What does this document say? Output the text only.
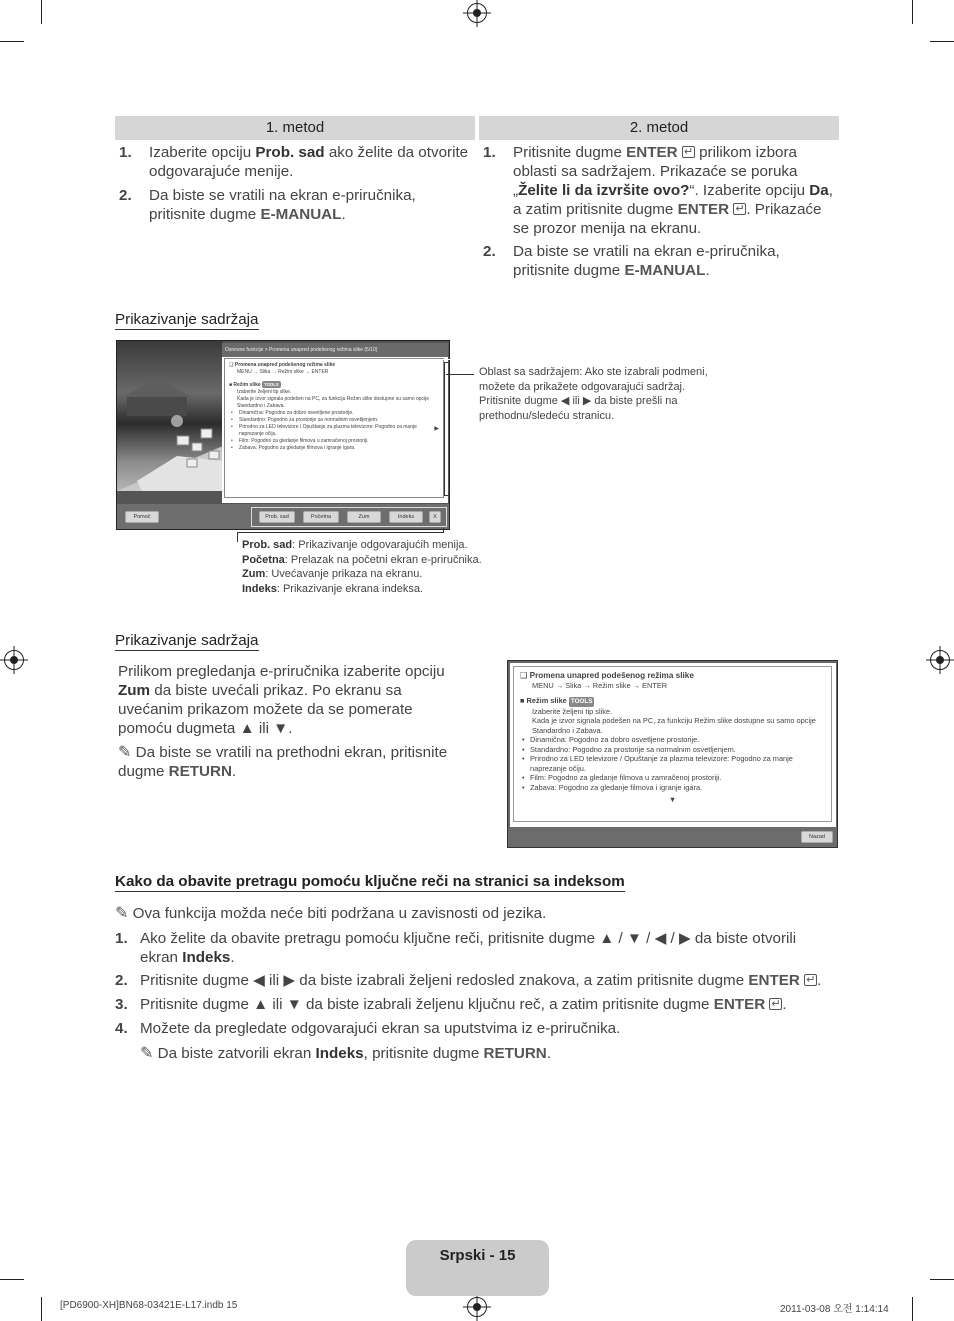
1. metod	2. metod
1. Izaberite opciju Prob. sad ako želite da otvorite odgovarajuće menije.
2. Da biste se vratili na ekran e-priručnika, pritisnite dugme E-MANUAL.
1. Pritisnite dugme ENTER ↵ prilikom izbora oblasti sa sadržajem. Prikazaće se poruka „Želite li da izvršite ovo?“. Izaberite opciju Da, a zatim pritisnite dugme ENTER ↵ . Prikazaće se prozor menija na ekranu.
2. Da biste se vratili na ekran e-priručnika, pritisnite dugme E-MANUAL.
Prikazivanje sadržaja
Osnovne funkcije > Promena unapred podešenog režima slike (5/10)
❑ Promena unapred podešenog režima slike
MENU → Slika → Režim slike → ENTER
■ Režim slike TOOLS
Izaberite željeni tip slike.
Kada je izvor signala podešen na PC, za funkciju Režim slike dostupne su samo opcije Standardno i Zabava.
• Dinamična: Pogodno za dobro osvetljene prostorije.
• Standardno: Pogodno za prostorije sa normalnim osvetljenjem.
• Prirodno za LED televizore / Opuštanje za plazma televizore: Pogodno za manje naprezanje očiju.
• Film: Pogodno za gledanje filmova u zamračenoj prostoriji.
• Zabava: Pogodno za gledanje filmova i igranje igara.
▶
Pomoć	Prob. sad	Početna	Zum	Indeks	X
Oblast sa sadržajem: Ako ste izabrali podmeni, možete da prikažete odgovarajući sadržaj. Pritisnite dugme ◀ ili ▶ da biste prešli na prethodnu/sledeću stranicu.
Prob. sad: Prikazivanje odgovarajućih menija.
Početna: Prelazak na početni ekran e-priručnika.
Zum: Uvećavanje prikaza na ekranu.
Indeks: Prikazivanje ekrana indeksa.
Prikazivanje sadržaja
Prilikom pregledanja e-priručnika izaberite opciju Zum da biste uvećali prikaz. Po ekranu sa uvećanim prikazom možete da se pomerate pomoću dugmeta ▲ ili ▼.
✎ Da biste se vratili na prethodni ekran, pritisnite dugme RETURN.
❑ Promena unapred podešenog režima slike
MENU → Slika → Režim slike → ENTER
■ Režim slike TOOLS
Izaberite željeni tip slike.
Kada je izvor signala podešen na PC, za funkciju Režim slike dostupne su samo opcije Standardno i Zabava.
• Dinamična: Pogodno za dobro osvetljene prostorije.
• Standardno: Pogodno za prostorije sa normalnim osvetljenjem.
• Prirodno za LED televizore / Opuštanje za plazma televizore: Pogodno za manje naprezanje očiju.
• Film: Pogodno za gledanje filmova u zamračenoj prostoriji.
• Zabava: Pogodno za gledanje filmova i igranje igara.
▼
Nazad
Kako da obavite pretragu pomoću ključne reči na stranici sa indeksom
✎ Ova funkcija možda neće biti podržana u zavisnosti od jezika.
1. Ako želite da obavite pretragu pomoću ključne reči, pritisnite dugme ▲ / ▼ / ◀ / ▶ da biste otvorili ekran Indeks.
2. Pritisnite dugme ◀ ili ▶ da biste izabrali željeni redosled znakova, a zatim pritisnite dugme ENTER ↵ .
3. Pritisnite dugme ▲ ili ▼ da biste izabrali željenu ključnu reč, a zatim pritisnite dugme ENTER ↵ .
4. Možete da pregledate odgovarajući ekran sa uputstvima iz e-priručnika.
✎ Da biste zatvorili ekran Indeks, pritisnite dugme RETURN.
Srpski - 15
[PD6900-XH]BN68-03421E-L17.indb 15	2011-03-08 오전 1:14:14
